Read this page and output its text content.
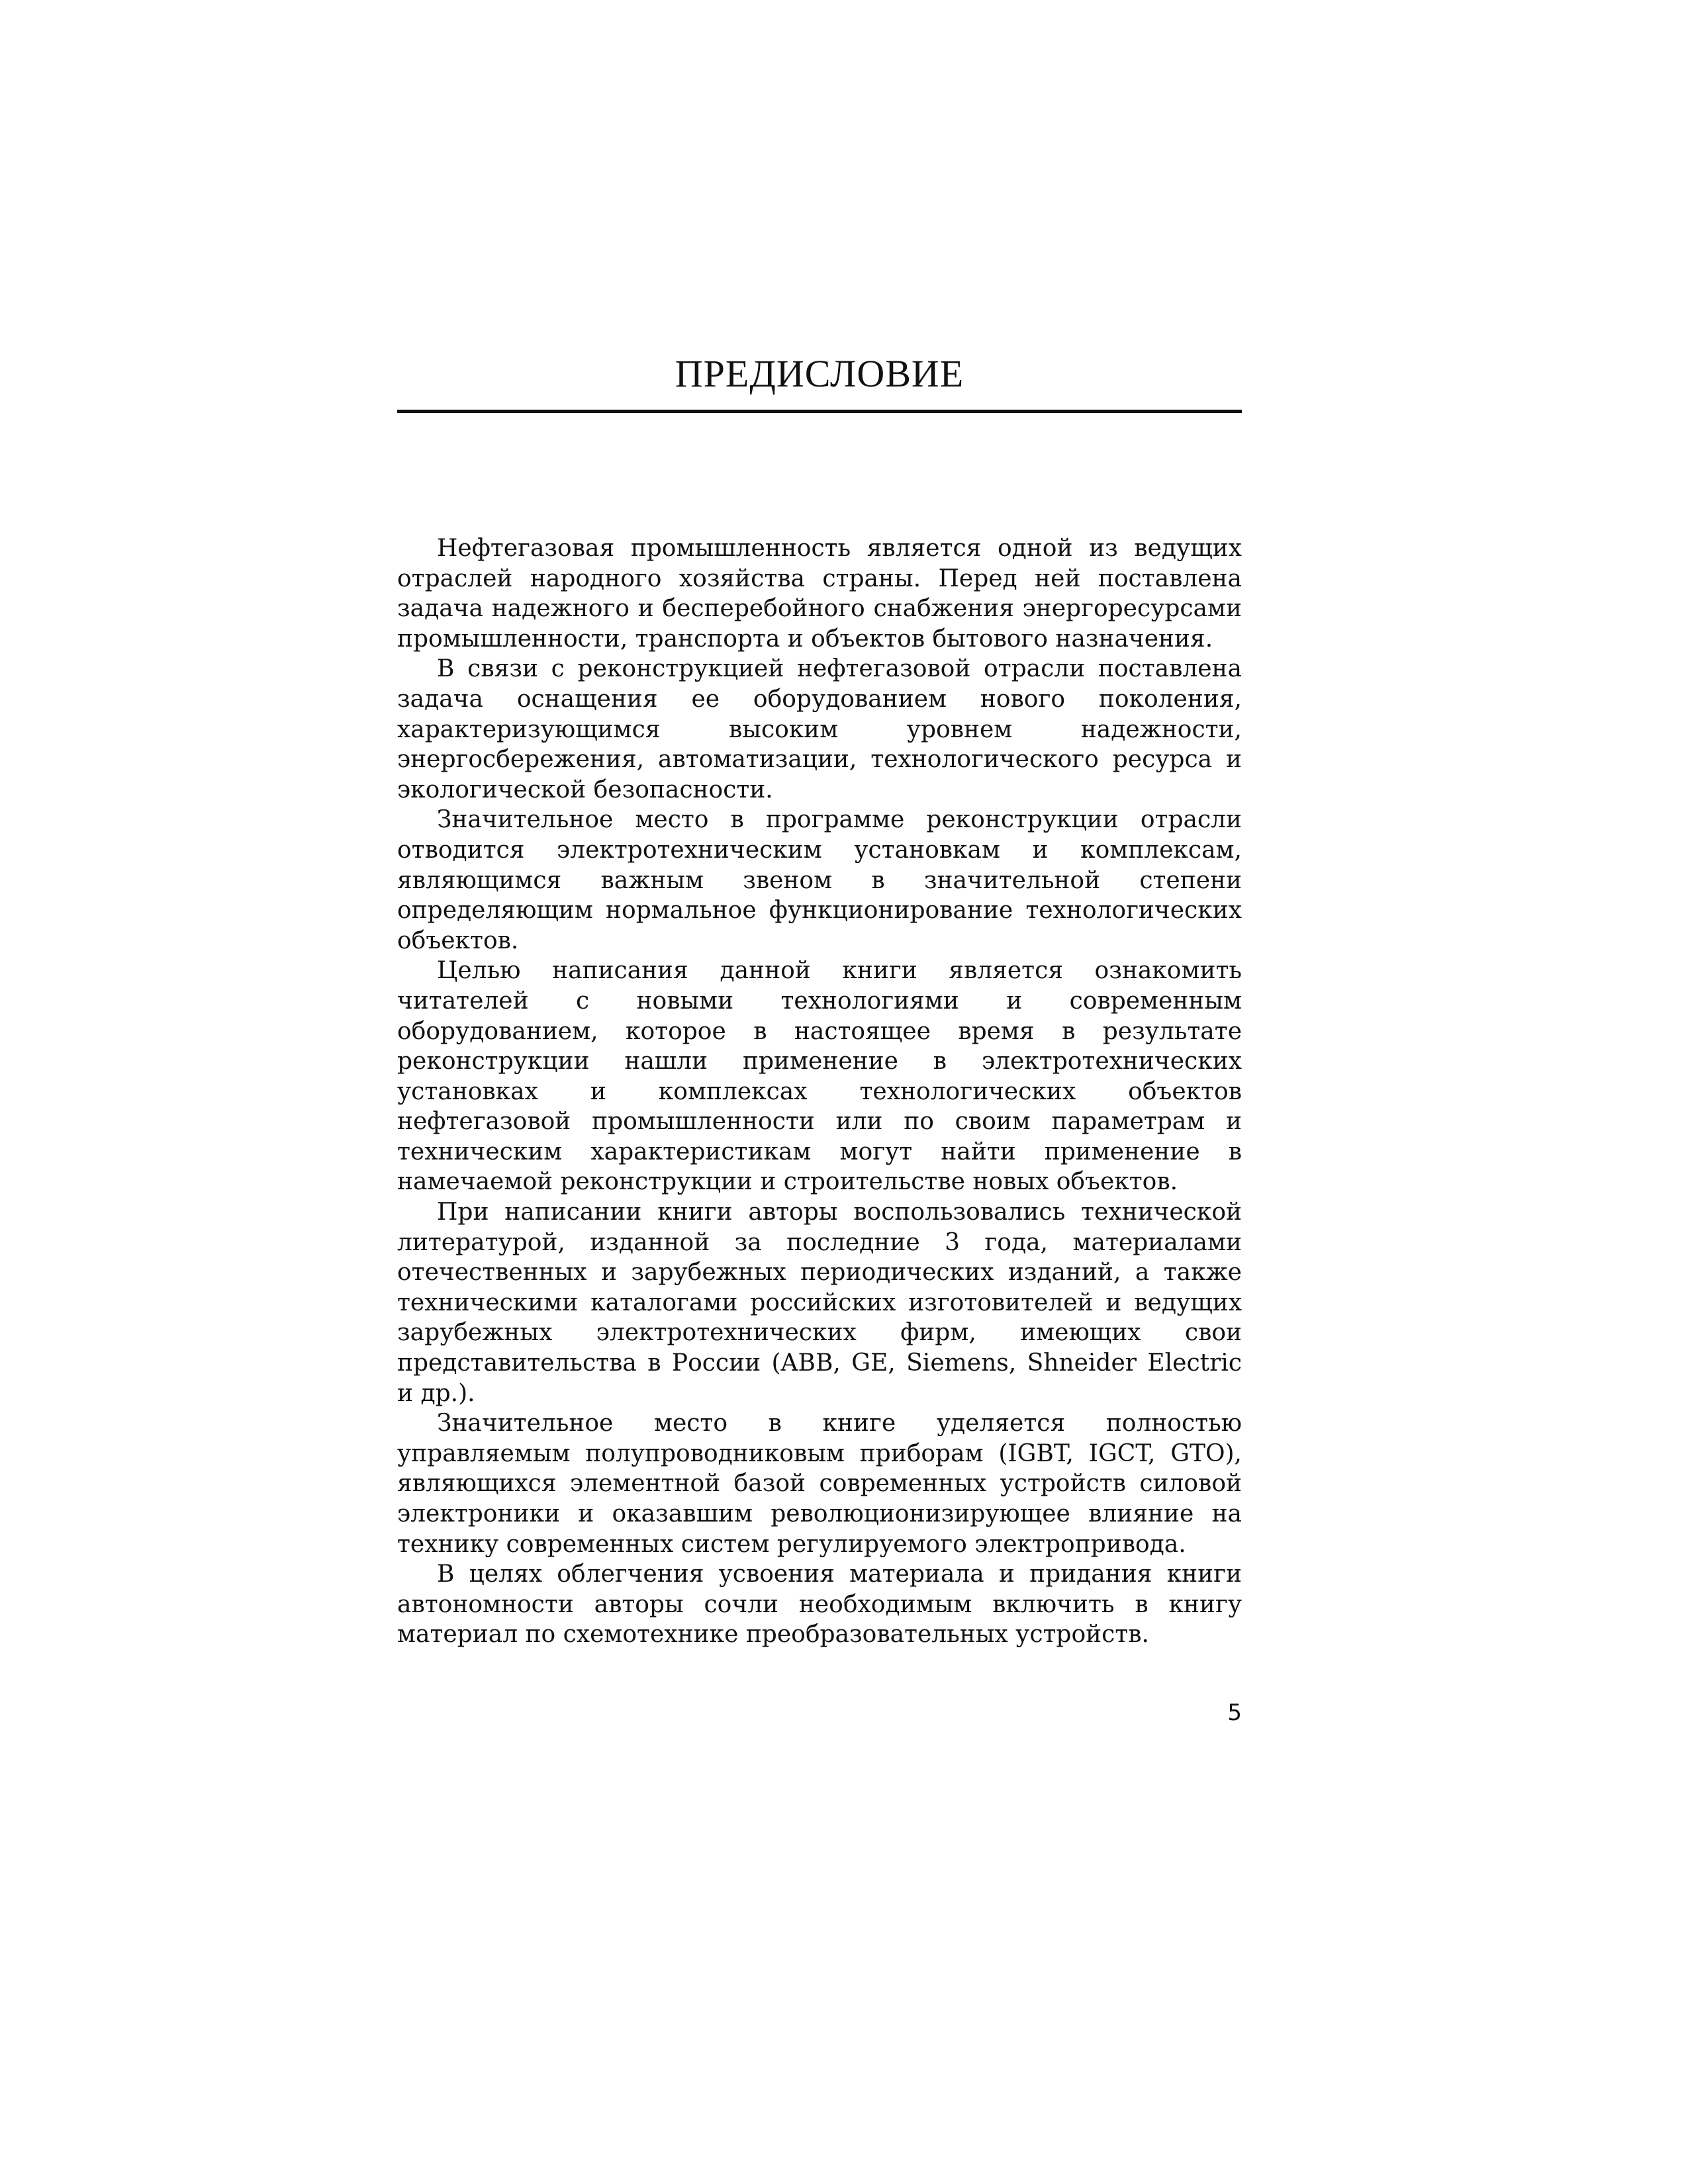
ПРЕДИСЛОВИЕ

Нефтегазовая промышленность является одной из ведущих отраслей народного хозяйства страны. Перед ней поставлена задача надежного и бесперебойного снабжения энергоресурсами промышленности, транспорта и объектов бытового назначения.

В связи с реконструкцией нефтегазовой отрасли поставлена задача оснащения ее оборудованием нового поколения, характеризующимся высоким уровнем надежности, энергосбережения, автоматизации, технологического ресурса и экологической безопасности.

Значительное место в программе реконструкции отрасли отводится электротехническим установкам и комплексам, являющимся важным звеном в значительной степени определяющим нормальное функционирование технологических объектов.

Целью написания данной книги является ознакомить читателей с новыми технологиями и современным оборудованием, которое в настоящее время в результате реконструкции нашли применение в электротехнических установках и комплексах технологических объектов нефтегазовой промышленности или по своим параметрам и техническим характеристикам могут найти применение в намечаемой реконструкции и строительстве новых объектов.

При написании книги авторы воспользовались технической литературой, изданной за последние 3 года, материалами отечественных и зарубежных периодических изданий, а также техническими каталогами российских изготовителей и ведущих зарубежных электротехнических фирм, имеющих свои представительства в России (ABB, GE, Siemens, Shneider Electric и др.).

Значительное место в книге уделяется полностью управляемым полупроводниковым приборам (IGBT, IGCT, GTO), являющихся элементной базой современных устройств силовой электроники и оказавшим революционизирующее влияние на технику современных систем регулируемого электропривода.

В целях облегчения усвоения материала и придания книги автономности авторы сочли необходимым включить в книгу материал по схемотехнике преобразовательных устройств.

5
